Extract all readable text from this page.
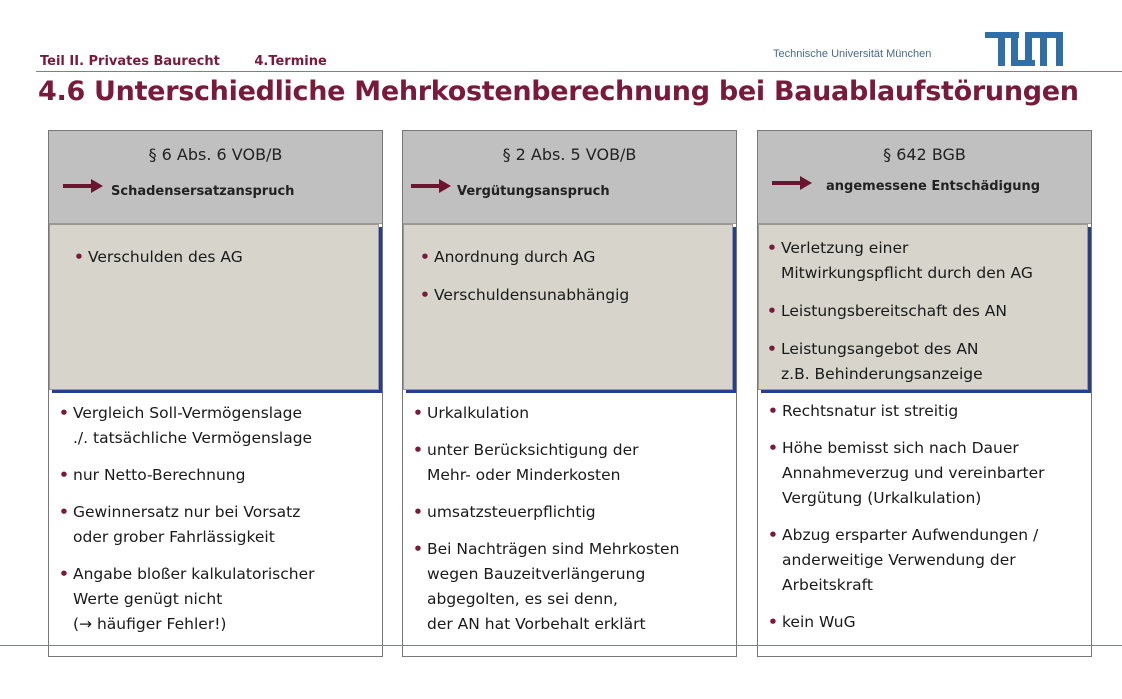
Teil II. Privates Baurecht	4.Termine	Technische Universität München
4.6 Unterschiedliche Mehrkostenberechnung bei Bauablaufstörungen
§ 6 Abs. 6 VOB/B
Schadensersatzanspruch
• Verschulden des AG
• Vergleich Soll-Vermögenslage
./. tatsächliche Vermögenslage
• nur Netto-Berechnung
• Gewinnersatz nur bei Vorsatz
oder grober Fahrlässigkeit
• Angabe bloßer kalkulatorischer
Werte genügt nicht
(→ häufiger Fehler!)
§ 2 Abs. 5 VOB/B
Vergütungsanspruch
• Anordnung durch AG
• Verschuldensunabhängig
• Urkalkulation
• unter Berücksichtigung der
Mehr- oder Minderkosten
• umsatzsteuerpflichtig
• Bei Nachträgen sind Mehrkosten
wegen Bauzeitverlängerung
abgegolten, es sei denn,
der AN hat Vorbehalt erklärt
§ 642 BGB
angemessene Entschädigung
• Verletzung einer
Mitwirkungspflicht durch den AG
• Leistungsbereitschaft des AN
• Leistungsangebot des AN
z.B. Behinderungsanzeige
• Rechtsnatur ist streitig
• Höhe bemisst sich nach Dauer
Annahmeverzug und vereinbarter
Vergütung (Urkalkulation)
• Abzug ersparter Aufwendungen /
anderweitige Verwendung der
Arbeitskraft
• kein WuG
